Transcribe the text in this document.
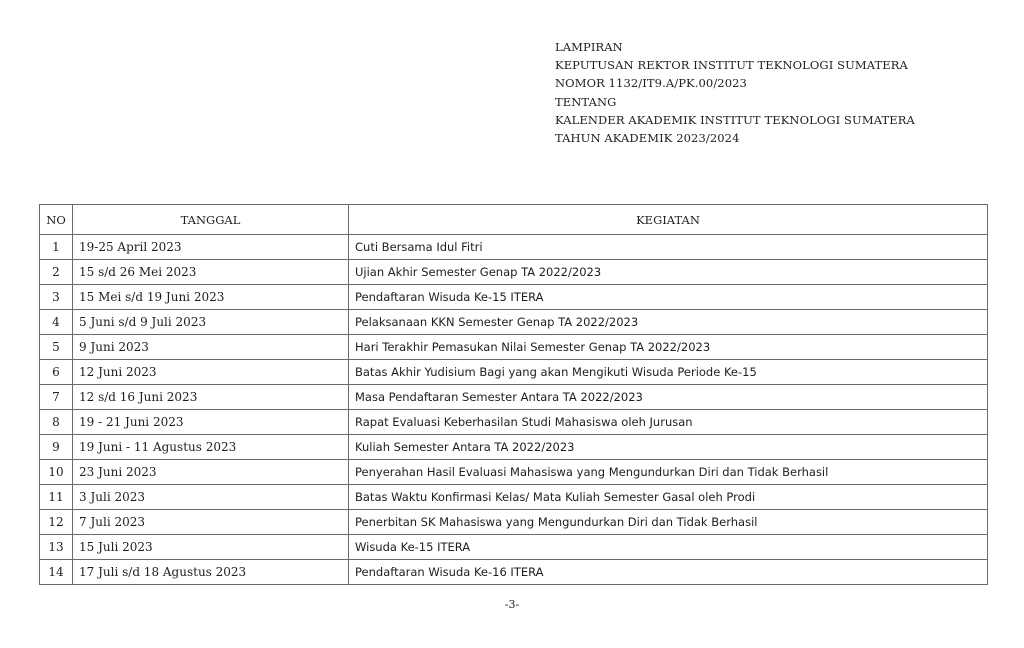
LAMPIRAN
KEPUTUSAN REKTOR INSTITUT TEKNOLOGI SUMATERA
NOMOR 1132/IT9.A/PK.00/2023
TENTANG
KALENDER AKADEMIK INSTITUT TEKNOLOGI SUMATERA
TAHUN AKADEMIK 2023/2024
NO	TANGGAL	KEGIATAN
1	19-25 April 2023	Cuti Bersama Idul Fitri
2	15 s/d 26 Mei 2023	Ujian Akhir Semester Genap TA 2022/2023
3	15 Mei s/d 19 Juni 2023	Pendaftaran Wisuda Ke-15 ITERA
4	5 Juni s/d 9 Juli 2023	Pelaksanaan KKN Semester Genap TA 2022/2023
5	9 Juni 2023	Hari Terakhir Pemasukan Nilai Semester Genap TA 2022/2023
6	12 Juni 2023	Batas Akhir Yudisium Bagi yang akan Mengikuti Wisuda Periode Ke-15
7	12 s/d 16 Juni 2023	Masa Pendaftaran Semester Antara TA 2022/2023
8	19 - 21 Juni 2023	Rapat Evaluasi Keberhasilan Studi Mahasiswa oleh Jurusan
9	19 Juni - 11 Agustus 2023	Kuliah Semester Antara TA 2022/2023
10	23 Juni 2023	Penyerahan Hasil Evaluasi Mahasiswa yang Mengundurkan Diri dan Tidak Berhasil
11	3 Juli 2023	Batas Waktu Konfirmasi Kelas/ Mata Kuliah Semester Gasal oleh Prodi
12	7 Juli 2023	Penerbitan SK Mahasiswa yang Mengundurkan Diri dan Tidak Berhasil
13	15 Juli 2023	Wisuda Ke-15 ITERA
14	17 Juli s/d 18 Agustus 2023	Pendaftaran Wisuda Ke-16 ITERA
-3-
